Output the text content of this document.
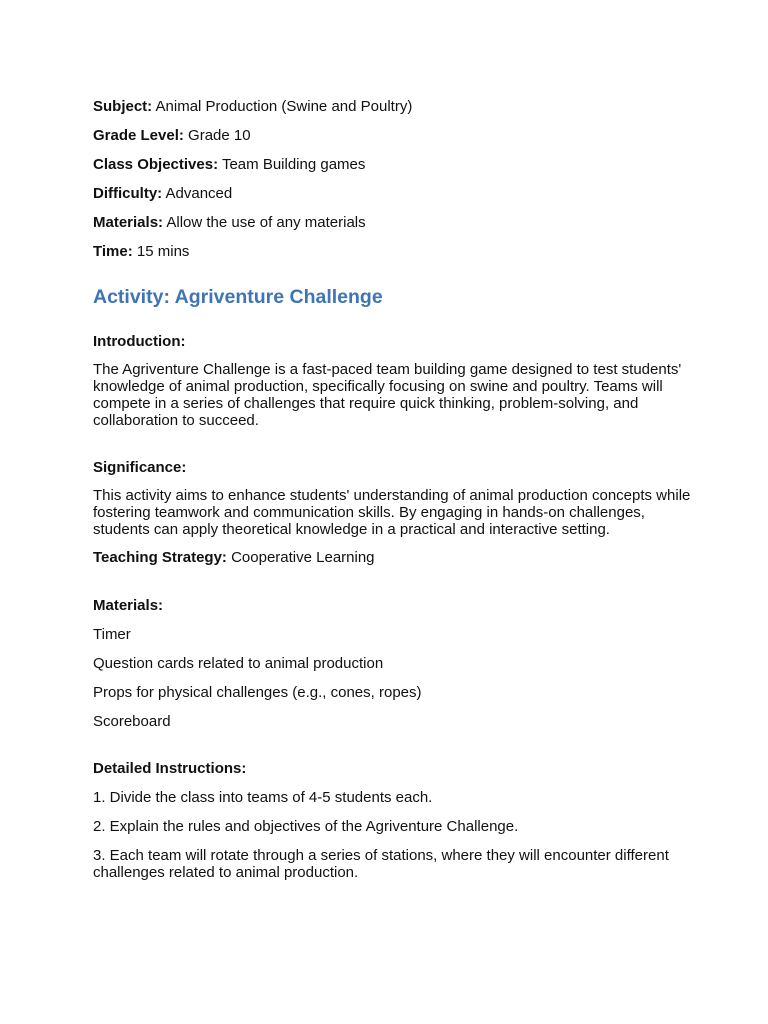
Subject: Animal Production (Swine and Poultry)
Grade Level: Grade 10
Class Objectives: Team Building games
Difficulty: Advanced
Materials: Allow the use of any materials
Time: 15 mins
Activity: Agriventure Challenge
Introduction:
The Agriventure Challenge is a fast-paced team building game designed to test students' knowledge of animal production, specifically focusing on swine and poultry. Teams will compete in a series of challenges that require quick thinking, problem-solving, and collaboration to succeed.
Significance:
This activity aims to enhance students' understanding of animal production concepts while fostering teamwork and communication skills. By engaging in hands-on challenges, students can apply theoretical knowledge in a practical and interactive setting.
Teaching Strategy: Cooperative Learning
Materials:
Timer
Question cards related to animal production
Props for physical challenges (e.g., cones, ropes)
Scoreboard
Detailed Instructions:
1. Divide the class into teams of 4-5 students each.
2. Explain the rules and objectives of the Agriventure Challenge.
3. Each team will rotate through a series of stations, where they will encounter different challenges related to animal production.
